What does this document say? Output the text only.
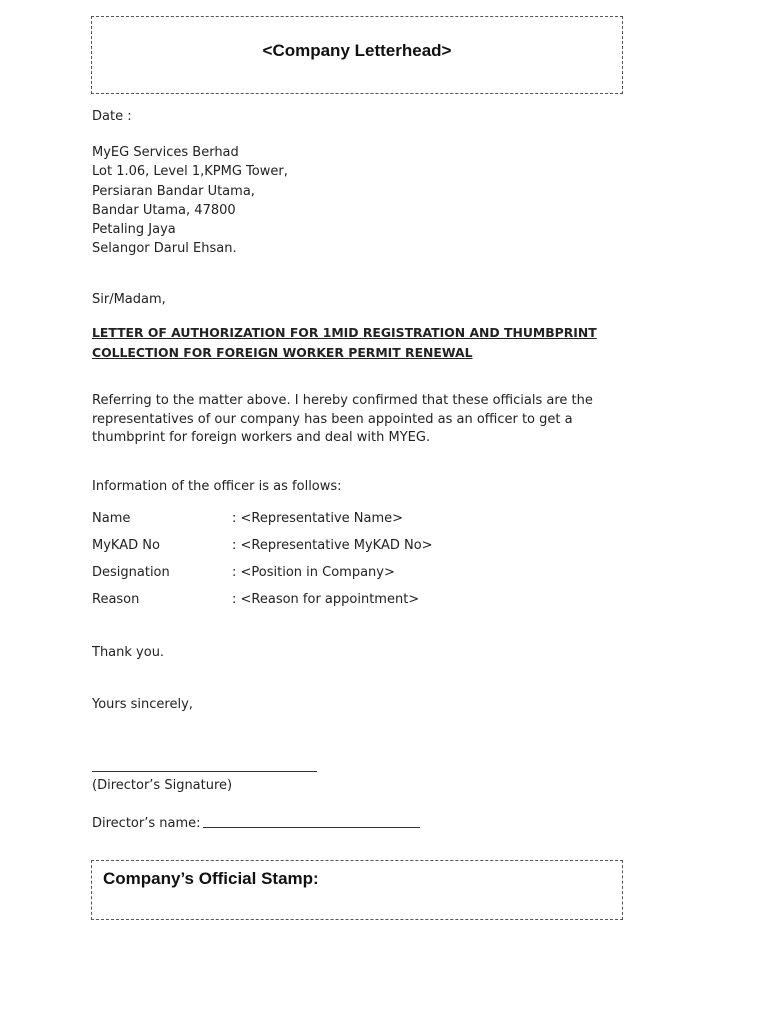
<Company Letterhead>
Date :
MyEG Services Berhad
Lot 1.06, Level 1,KPMG Tower,
Persiaran Bandar Utama,
Bandar Utama, 47800
Petaling Jaya
Selangor Darul Ehsan.
Sir/Madam,
LETTER OF AUTHORIZATION FOR 1MID REGISTRATION AND THUMBPRINT
COLLECTION FOR FOREIGN WORKER PERMIT RENEWAL
Referring to the matter above. I hereby confirmed that these officials are the
representatives of our company has been appointed as an officer to get a
thumbprint for foreign workers and deal with MYEG.
Information of the officer is as follows:
Name	: <Representative Name>
MyKAD No	: <Representative MyKAD No>
Designation	: <Position in Company>
Reason	: <Reason for appointment>
Thank you.
Yours sincerely,
(Director’s Signature)
Director’s name:
Company’s Official Stamp:
